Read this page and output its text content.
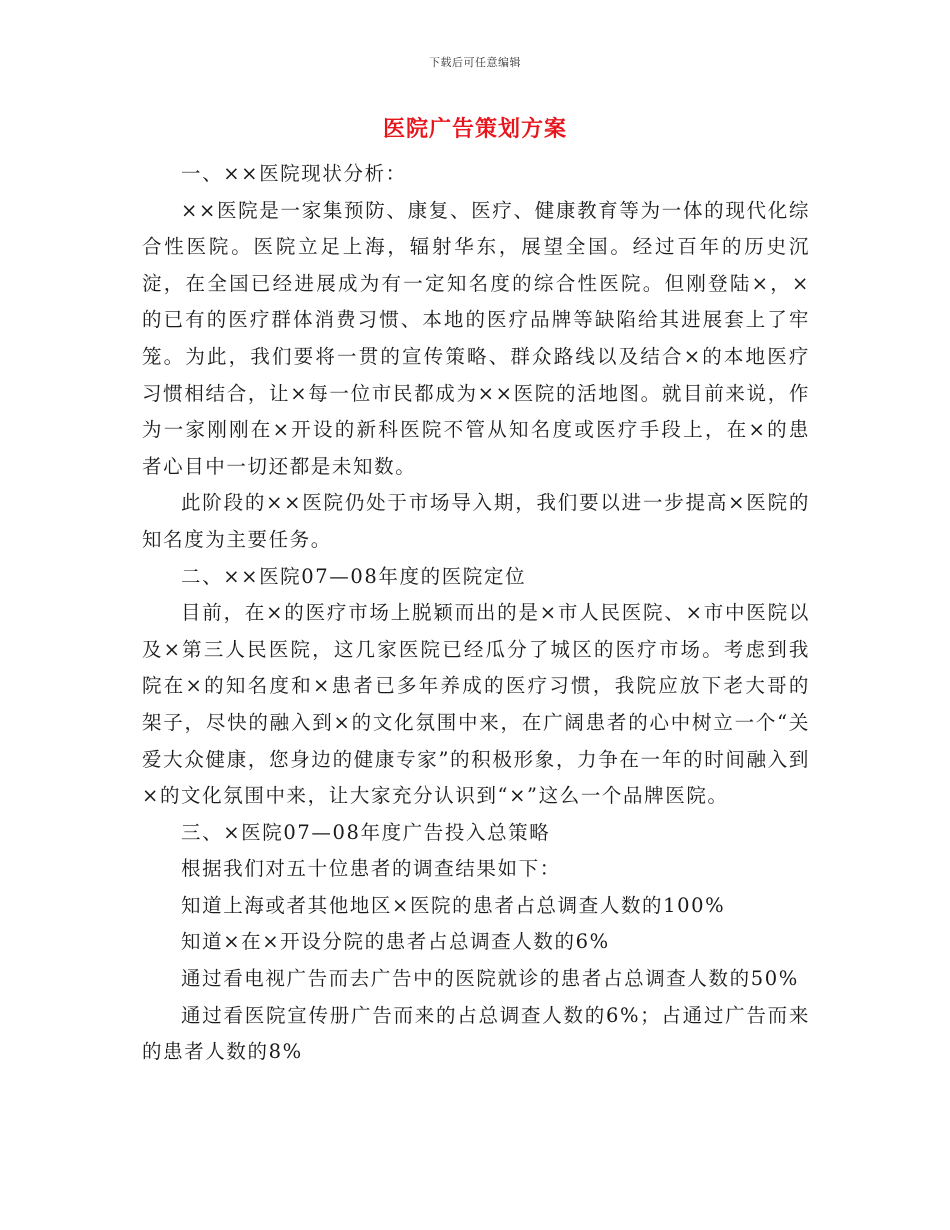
下载后可任意编辑
医院广告策划方案

一、××医院现状分析：

××医院是一家集预防、康复、医疗、健康教育等为一体的现代化综合性医院。医院立足上海，辐射华东，展望全国。经过百年的历史沉淀，在全国已经进展成为有一定知名度的综合性医院。但刚登陆×，×的已有的医疗群体消费习惯、本地的医疗品牌等缺陷给其进展套上了牢笼。为此，我们要将一贯的宣传策略、群众路线以及结合×的本地医疗习惯相结合，让×每一位市民都成为××医院的活地图。就目前来说，作为一家刚刚在×开设的新科医院不管从知名度或医疗手段上，在×的患者心目中一切还都是未知数。

此阶段的××医院仍处于市场导入期，我们要以进一步提高×医院的知名度为主要任务。

二、××医院07—08年度的医院定位

目前，在×的医疗市场上脱颖而出的是×市人民医院、×市中医院以及×第三人民医院，这几家医院已经瓜分了城区的医疗市场。考虑到我院在×的知名度和×患者已多年养成的医疗习惯，我院应放下老大哥的架子，尽快的融入到×的文化氛围中来，在广阔患者的心中树立一个“关爱大众健康，您身边的健康专家”的积极形象，力争在一年的时间融入到×的文化氛围中来，让大家充分认识到“×”这么一个品牌医院。

三、×医院07—08年度广告投入总策略

根据我们对五十位患者的调查结果如下：

知道上海或者其他地区×医院的患者占总调查人数的100%

知道×在×开设分院的患者占总调查人数的6%

通过看电视广告而去广告中的医院就诊的患者占总调查人数的50%

通过看医院宣传册广告而来的占总调查人数的6%；占通过广告而来的患者人数的8%
